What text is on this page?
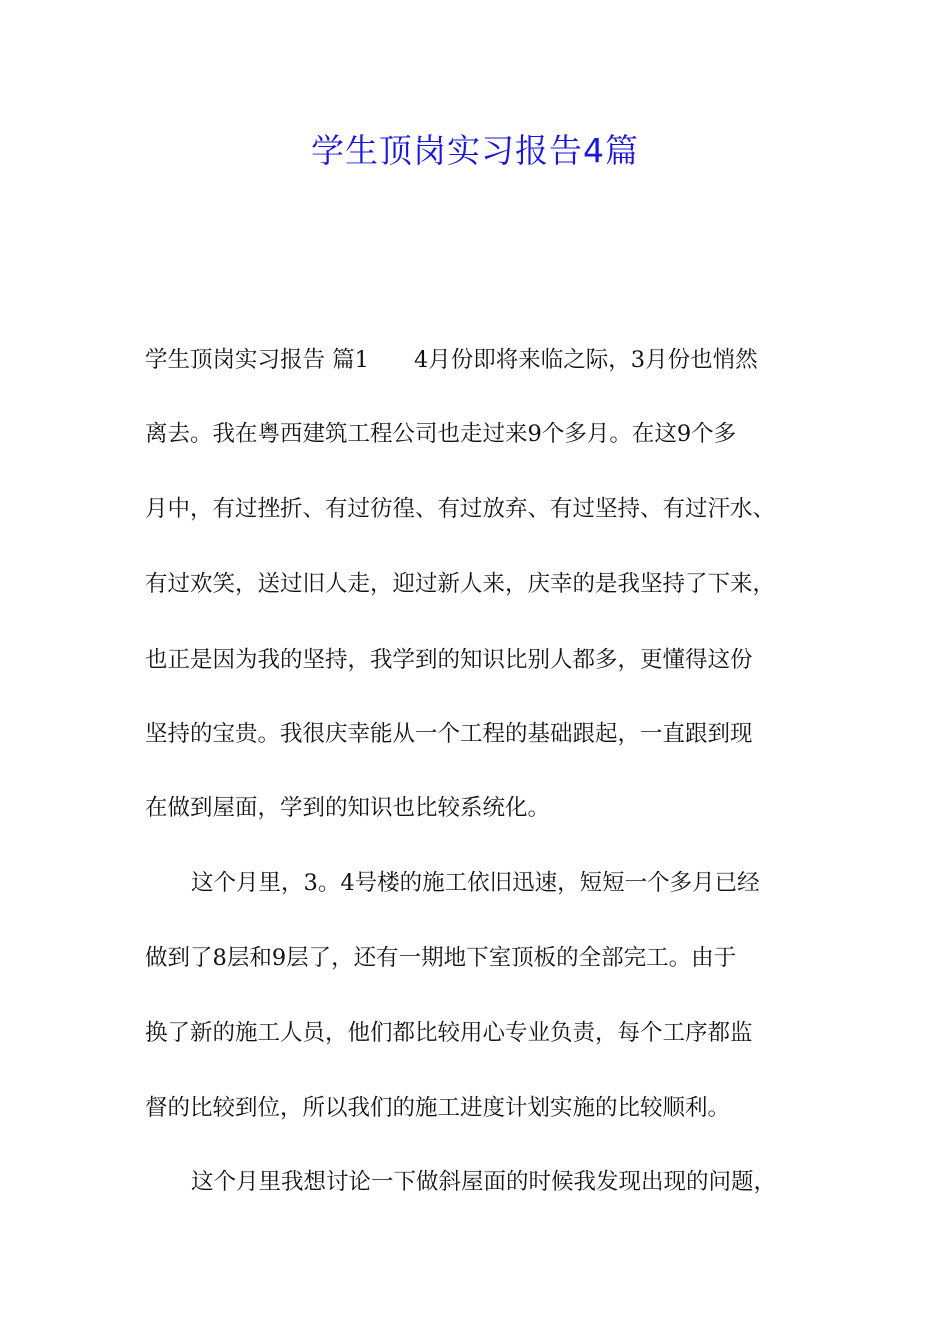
学生顶岗实习报告4篇
学生顶岗实习报告 篇1　　4月份即将来临之际，3月份也悄然
离去。我在粤西建筑工程公司也走过来9个多月。在这9个多
月中，有过挫折、有过彷徨、有过放弃、有过坚持、有过汗水、
有过欢笑，送过旧人走，迎过新人来，庆幸的是我坚持了下来，
也正是因为我的坚持，我学到的知识比别人都多，更懂得这份
坚持的宝贵。我很庆幸能从一个工程的基础跟起，一直跟到现
在做到屋面，学到的知识也比较系统化。
这个月里，3。4号楼的施工依旧迅速，短短一个多月已经
做到了8层和9层了，还有一期地下室顶板的全部完工。由于
换了新的施工人员，他们都比较用心专业负责，每个工序都监
督的比较到位，所以我们的施工进度计划实施的比较顺利。
这个月里我想讨论一下做斜屋面的时候我发现出现的问题，
